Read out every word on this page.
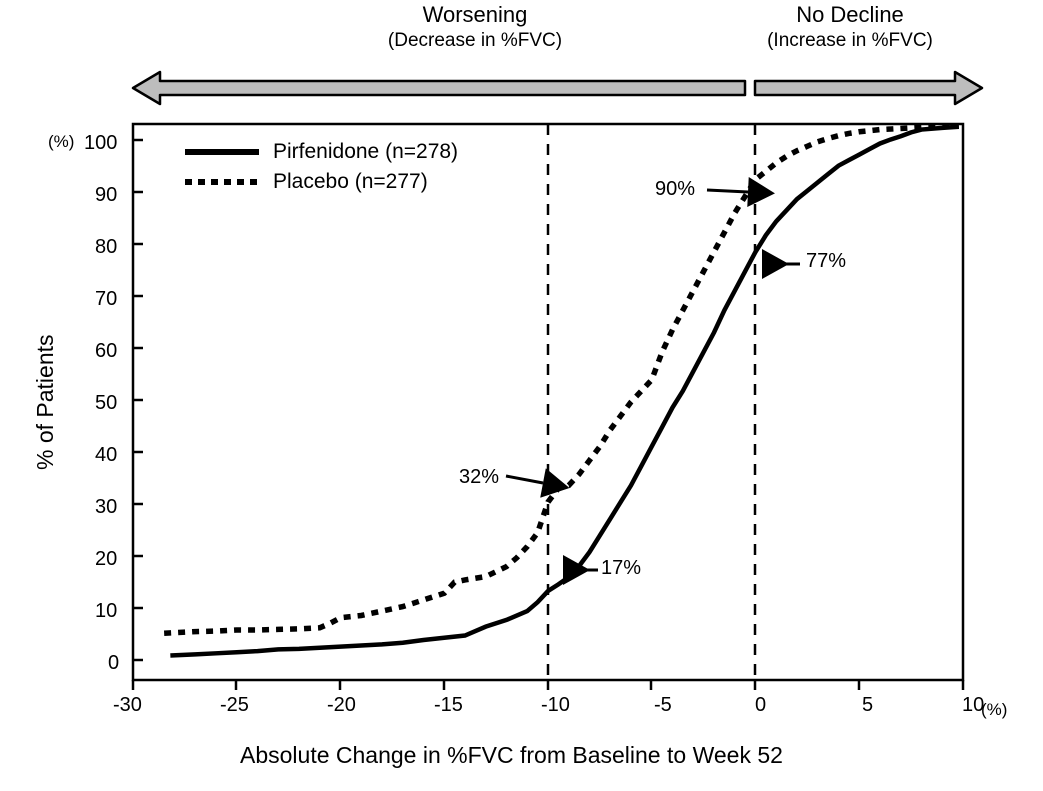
Worsening
(Decrease in %FVC)
No Decline
(Increase in %FVC)
% of Patients
Absolute Change in %FVC from Baseline to Week 52
(%)
(%)
100
90
80
70
60
50
40
30
20
10
0
-30	-25	-20	-15	-10	-5	0	5	10
Pirfenidone (n=278)
Placebo (n=277)
32%
17%
90%
77%
